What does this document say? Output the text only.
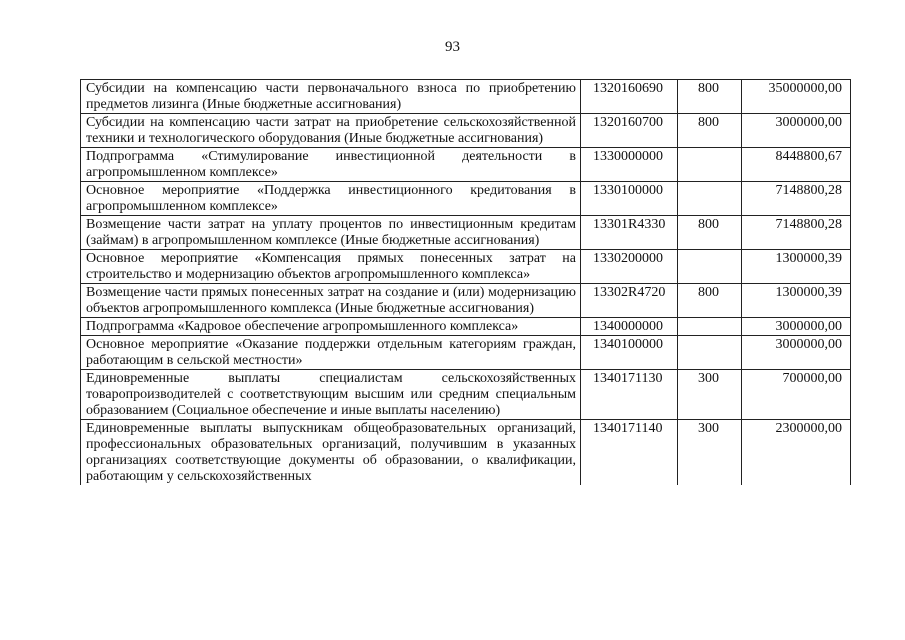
93
Субсидии на компенсацию части первоначального взноса по приобретению предметов лизинга (Иные бюджетные ассигнования)	1320160690	800	35000000,00
Субсидии на компенсацию части затрат на приобретение сельскохозяйственной техники и технологического оборудования (Иные бюджетные ассигнования)	1320160700	800	3000000,00
Подпрограмма «Стимулирование инвестиционной деятельности в агропромышленном комплексе»	1330000000		8448800,67
Основное мероприятие «Поддержка инвестиционного кредитования в агропромышленном комплексе»	1330100000		7148800,28
Возмещение части затрат на уплату процентов по инвестиционным кредитам (займам) в агропромышленном комплексе (Иные бюджетные ассигнования)	13301R4330	800	7148800,28
Основное мероприятие «Компенсация прямых понесенных затрат на строительство и модернизацию объектов агропромышленного комплекса»	1330200000		1300000,39
Возмещение части прямых понесенных затрат на создание и (или) модернизацию объектов агропромышленного комплекса (Иные бюджетные ассигнования)	13302R4720	800	1300000,39
Подпрограмма «Кадровое обеспечение агропромышленного комплекса»	1340000000		3000000,00
Основное мероприятие «Оказание поддержки отдельным категориям граждан, работающим в сельской местности»	1340100000		3000000,00
Единовременные выплаты специалистам сельскохозяйственных товаропроизводителей с соответствующим высшим или средним специальным образованием (Социальное обеспечение и иные выплаты населению)	1340171130	300	700000,00
Единовременные выплаты выпускникам общеобразовательных организаций, профессиональных образовательных организаций, получившим в указанных организациях соответствующие документы об образовании, о квалификации, работающим у сельскохозяйственных	1340171140	300	2300000,00
